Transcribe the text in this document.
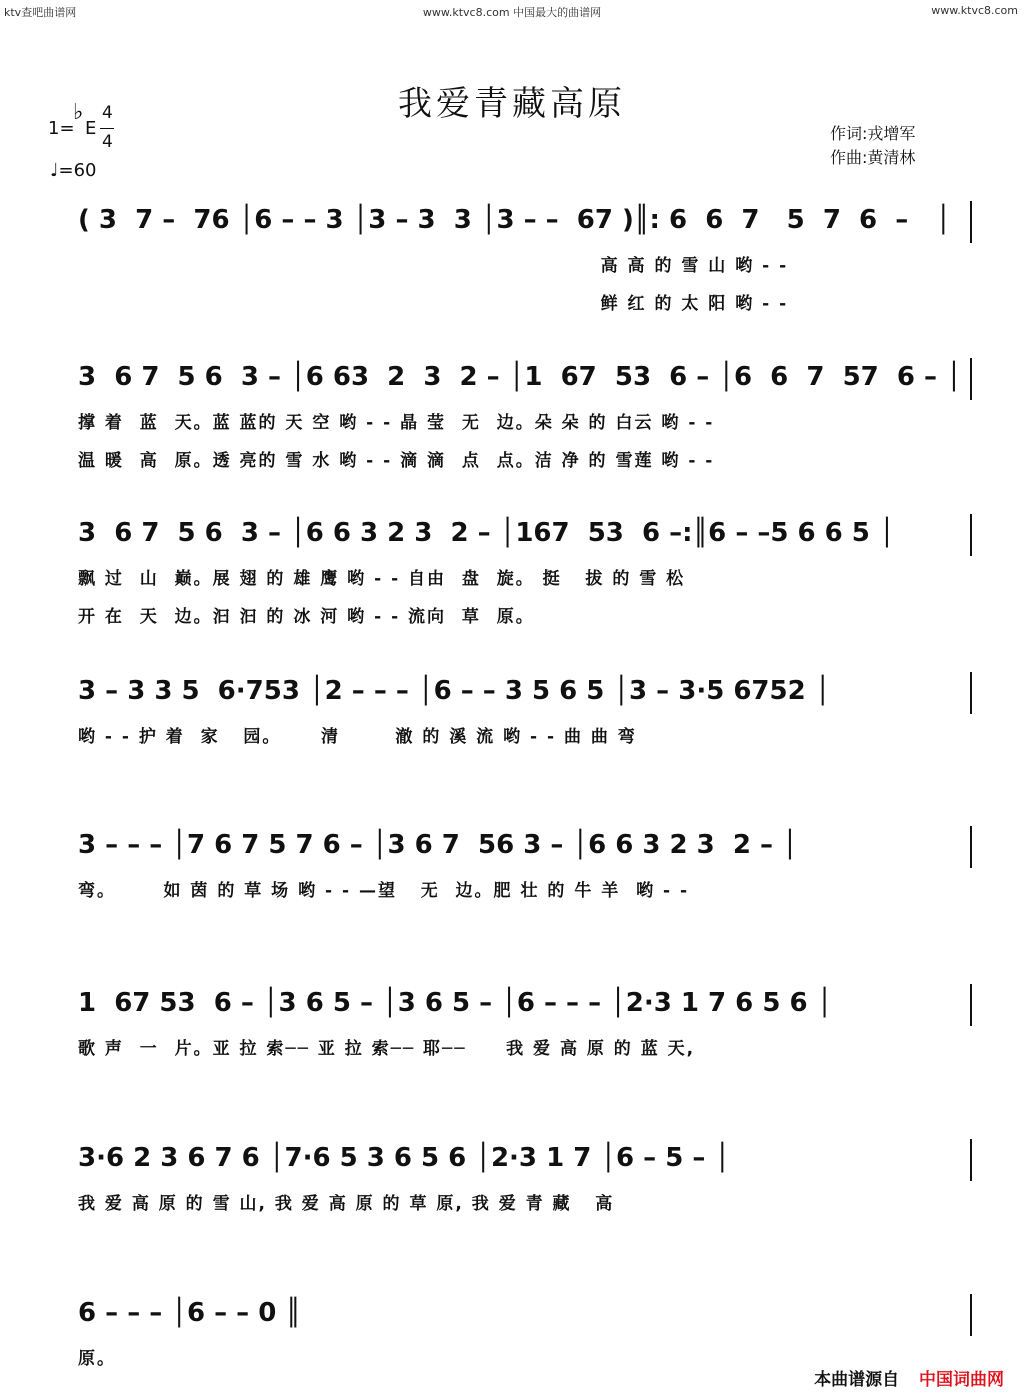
ktv查吧曲谱网	www.ktvc8.com 中国最大的曲谱网	www.ktvc8.com
我爱青藏高原
1=
♭
E
4
4
♩=60
作词:戎增军
作曲:黄清林
( 3  7 –  76 │6 – – 3 │3 – 3  3 │3 – –  67 )║: 6  6  7   5  7  6  –   │
高 高 的 雪 山 哟 - -
鲜 红 的 太 阳 哟 - -
3  6 7  5 6  3 – │6 63  2  3  2 – │1  67  53  6 – │6  6  7  57  6 – │
撑 着  蓝  天。蓝 蓝的 天 空 哟 - - 晶 莹  无  边。朵 朵 的 白云 哟 - -
温 暖  高  原。透 亮的 雪 水 哟 - - 滴 滴  点  点。洁 净 的 雪莲 哟 - -
3  6 7  5 6  3 – │6 6 3 2 3  2 – │167  53  6 –:║6 – –5 6 6 5 │
飘 过  山  巅。展 翅 的 雄 鹰 哟 - - 自由  盘  旋。 挺   拔 的 雪 松
开 在  天  边。汩 汩 的 冰 河 哟 - - 流向  草  原。
3 – 3 3 5  6·753 │2 – – – │6 – – 3 5 6 5 │3 – 3·5 6752 │
哟 - - 护 着  家   园。     清       澈 的 溪 流 哟 - - 曲 曲 弯
3 – – – │7 6 7 5 7 6 – │3 6 7  56 3 – │6 6 3 2 3  2 – │
弯。      如 茵 的 草 场 哟 - - —望   无  边。肥 壮 的 牛 羊  哟 - -
1  67 53  6 – │3 6 5 – │3 6 5 – │6 – – – │2·3 1 7 6 5 6 │
歌 声  一  片。亚 拉 索── 亚 拉 索── 耶──     我 爱 高 原 的 蓝 天,
3·6 2 3 6 7 6 │7·6 5 3 6 5 6 │2·3 1 7 │6 – 5 – │
我 爱 高 原 的 雪 山, 我 爱 高 原 的 草 原, 我 爱 青 藏   高
6 – – – │6 – – 0 ║
原。
本曲谱源自 中国词曲网
